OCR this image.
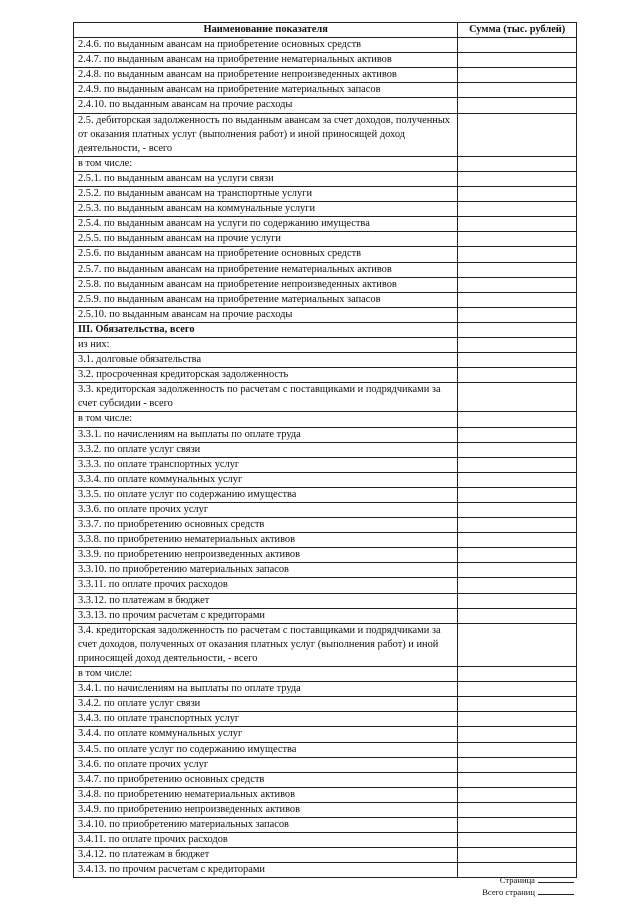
Наименование показателя	Сумма (тыс. рублей)
2.4.6. по выданным авансам на приобретение основных средств	
2.4.7. по выданным авансам на приобретение нематериальных активов	
2.4.8. по выданным авансам на приобретение непроизведенных активов	
2.4.9. по выданным авансам на приобретение материальных запасов	
2.4.10. по выданным авансам на прочие расходы	
2.5. дебиторская задолженность по выданным авансам за счет доходов, полученных от оказания платных услуг (выполнения работ) и иной приносящей доход деятельности, - всего	
в том числе:	
2.5.1. по выданным авансам на услуги связи	
2.5.2. по выданным авансам на транспортные услуги	
2.5.3. по выданным авансам на коммунальные услуги	
2.5.4. по выданным авансам на услуги по содержанию имущества	
2.5.5. по выданным авансам на прочие услуги	
2.5.6. по выданным авансам на приобретение основных средств	
2.5.7. по выданным авансам на приобретение нематериальных активов	
2.5.8. по выданным авансам на приобретение непроизведенных активов	
2.5.9. по выданным авансам на приобретение материальных запасов	
2.5.10. по выданным авансам на прочие расходы	
III. Обязательства, всего	
из них:	
3.1. долговые обязательства	
3.2. просроченная кредиторская задолженность	
3.3. кредиторская задолженность по расчетам с поставщиками и подрядчиками за счет субсидии - всего	
в том числе:	
3.3.1. по начислениям на выплаты по оплате труда	
3.3.2. по оплате услуг связи	
3.3.3. по оплате транспортных услуг	
3.3.4. по оплате коммунальных услуг	
3.3.5. по оплате услуг по содержанию имущества	
3.3.6. по оплате прочих услуг	
3.3.7. по приобретению основных средств	
3.3.8. по приобретению нематериальных активов	
3.3.9. по приобретению непроизведенных активов	
3.3.10. по приобретению материальных запасов	
3.3.11. по оплате прочих расходов	
3.3.12. по платежам в бюджет	
3.3.13. по прочим расчетам с кредиторами	
3.4. кредиторская задолженность по расчетам с поставщиками и подрядчиками за счет доходов, полученных от оказания платных услуг (выполнения работ) и иной приносящей доход деятельности, - всего	
в том числе:	
3.4.1. по начислениям на выплаты по оплате труда	
3.4.2. по оплате услуг связи	
3.4.3. по оплате транспортных услуг	
3.4.4. по оплате коммунальных услуг	
3.4.5. по оплате услуг по содержанию имущества	
3.4.6. по оплате прочих услуг	
3.4.7. по приобретению основных средств	
3.4.8. по приобретению нематериальных активов	
3.4.9. по приобретению непроизведенных активов	
3.4.10. по приобретению материальных запасов	
3.4.11. по оплате прочих расходов	
3.4.12. по платежам в бюджет	
3.4.13. по прочим расчетам с кредиторами	
Страница
Всего страниц
